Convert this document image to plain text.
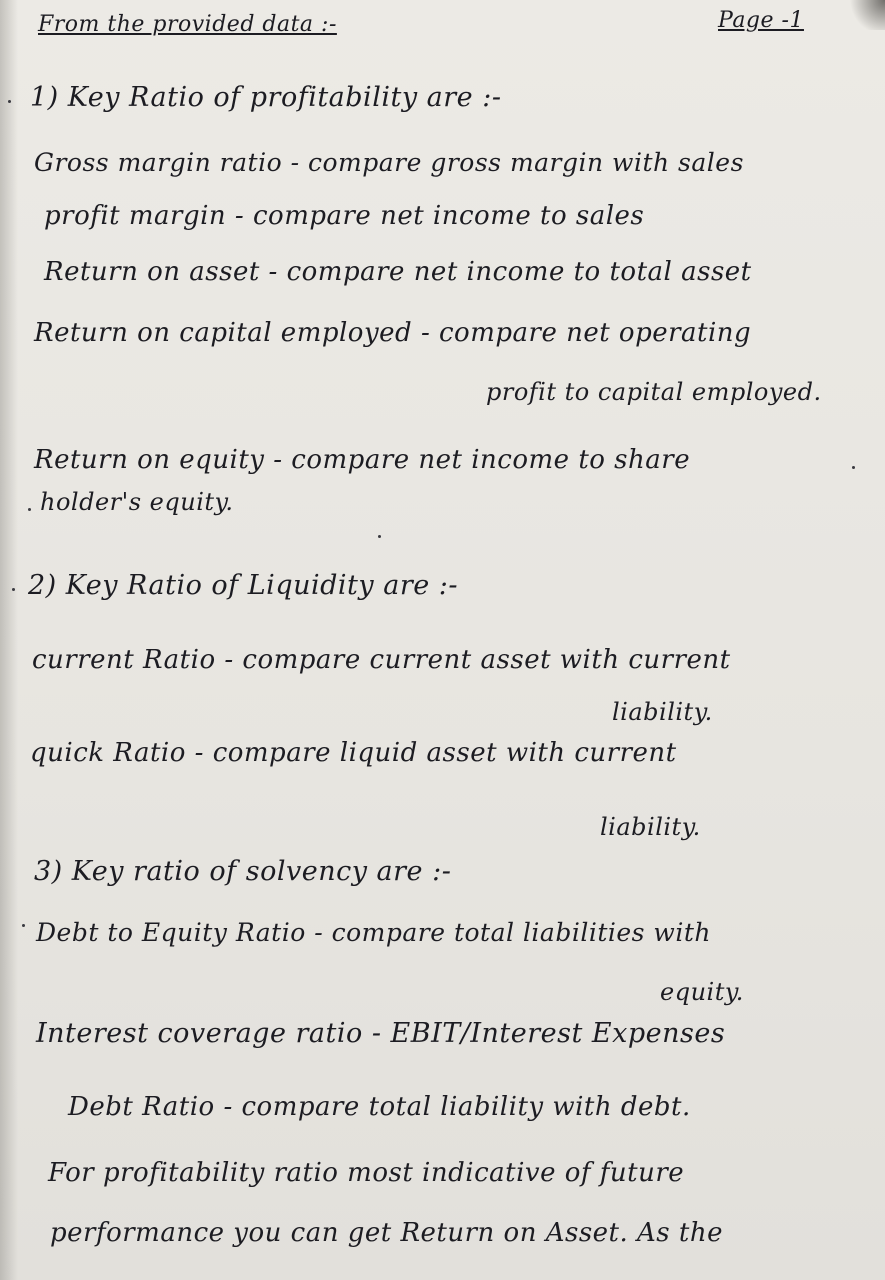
From the provided data :-	Page -1
1) Key Ratio of profitability are :-
Gross margin ratio - compare gross margin with sales
profit margin - compare net income to sales
Return on asset - compare net income to total asset
Return on capital employed - compare net operating
profit to capital employed.
Return on equity - compare net income to share
holder's equity.
2) Key Ratio of Liquidity are :-
current Ratio - compare current asset with current
liability.
quick Ratio - compare liquid asset with current
liability.
3) Key ratio of solvency are :-
Debt to Equity Ratio - compare total liabilities with
equity.
Interest coverage ratio - EBIT/Interest Expenses
Debt Ratio - compare total liability with debt.
For profitability ratio most indicative of future
performance you can get Return on Asset. As the
